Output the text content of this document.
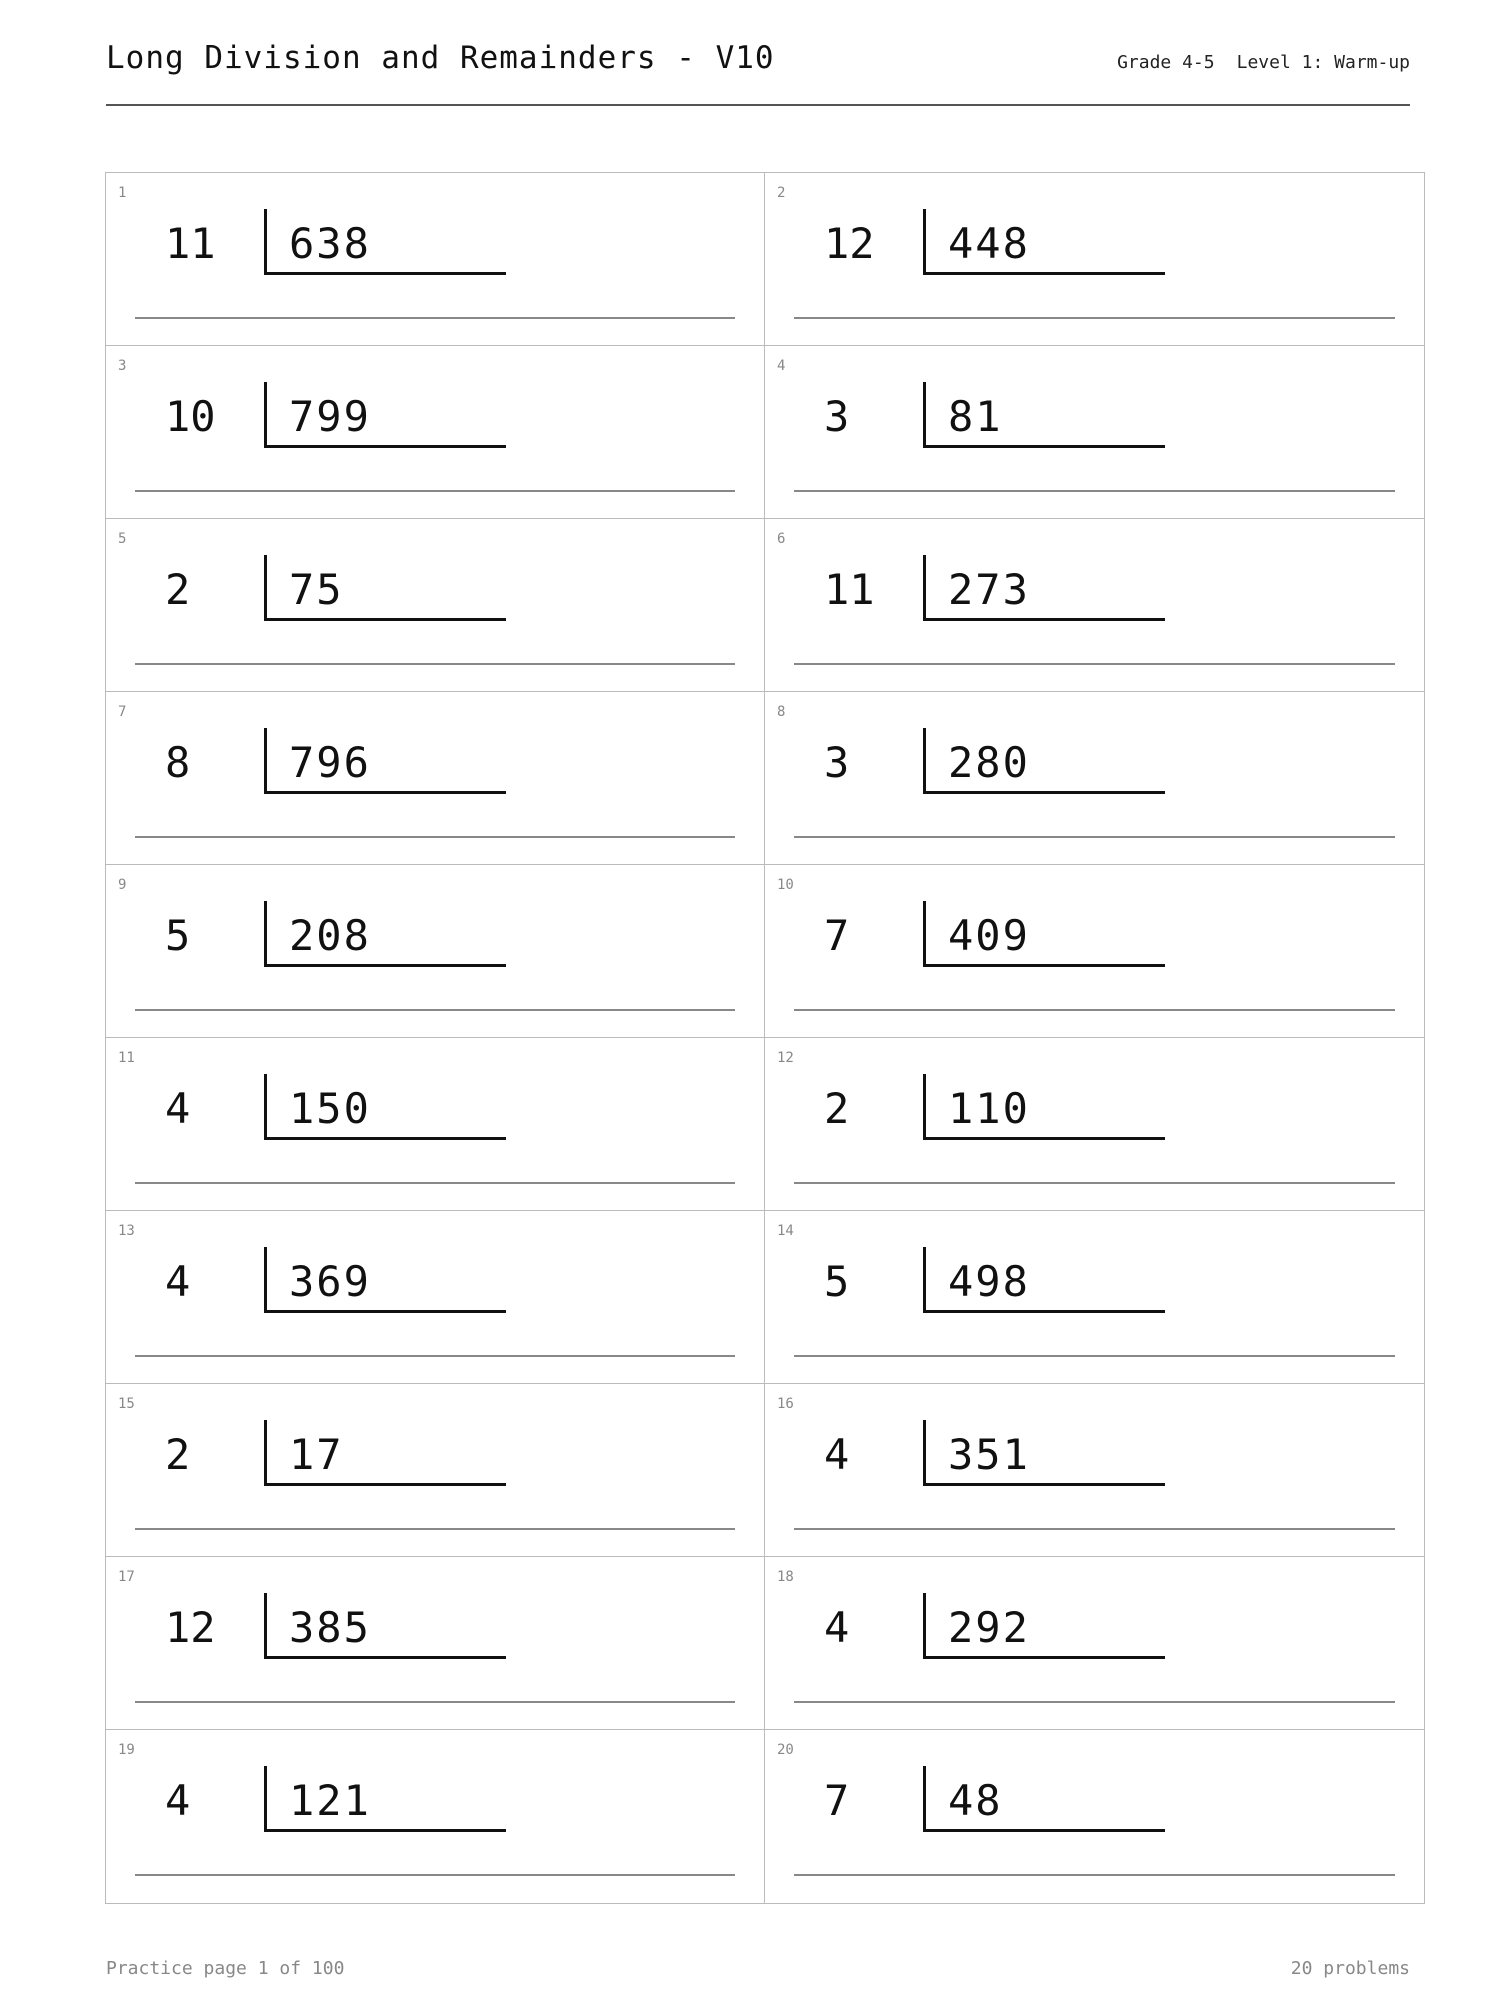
Long Division and Remainders - V10	Grade 4-5 Level 1: Warm-up
1
11 638
2
12 448
3
10 799
4
3 81
5
2 75
6
11 273
7
8 796
8
3 280
9
5 208
10
7 409
11
4 150
12
2 110
13
4 369
14
5 498
15
2 17
16
4 351
17
12 385
18
4 292
19
4 121
20
7 48
Practice page 1 of 100	20 problems
